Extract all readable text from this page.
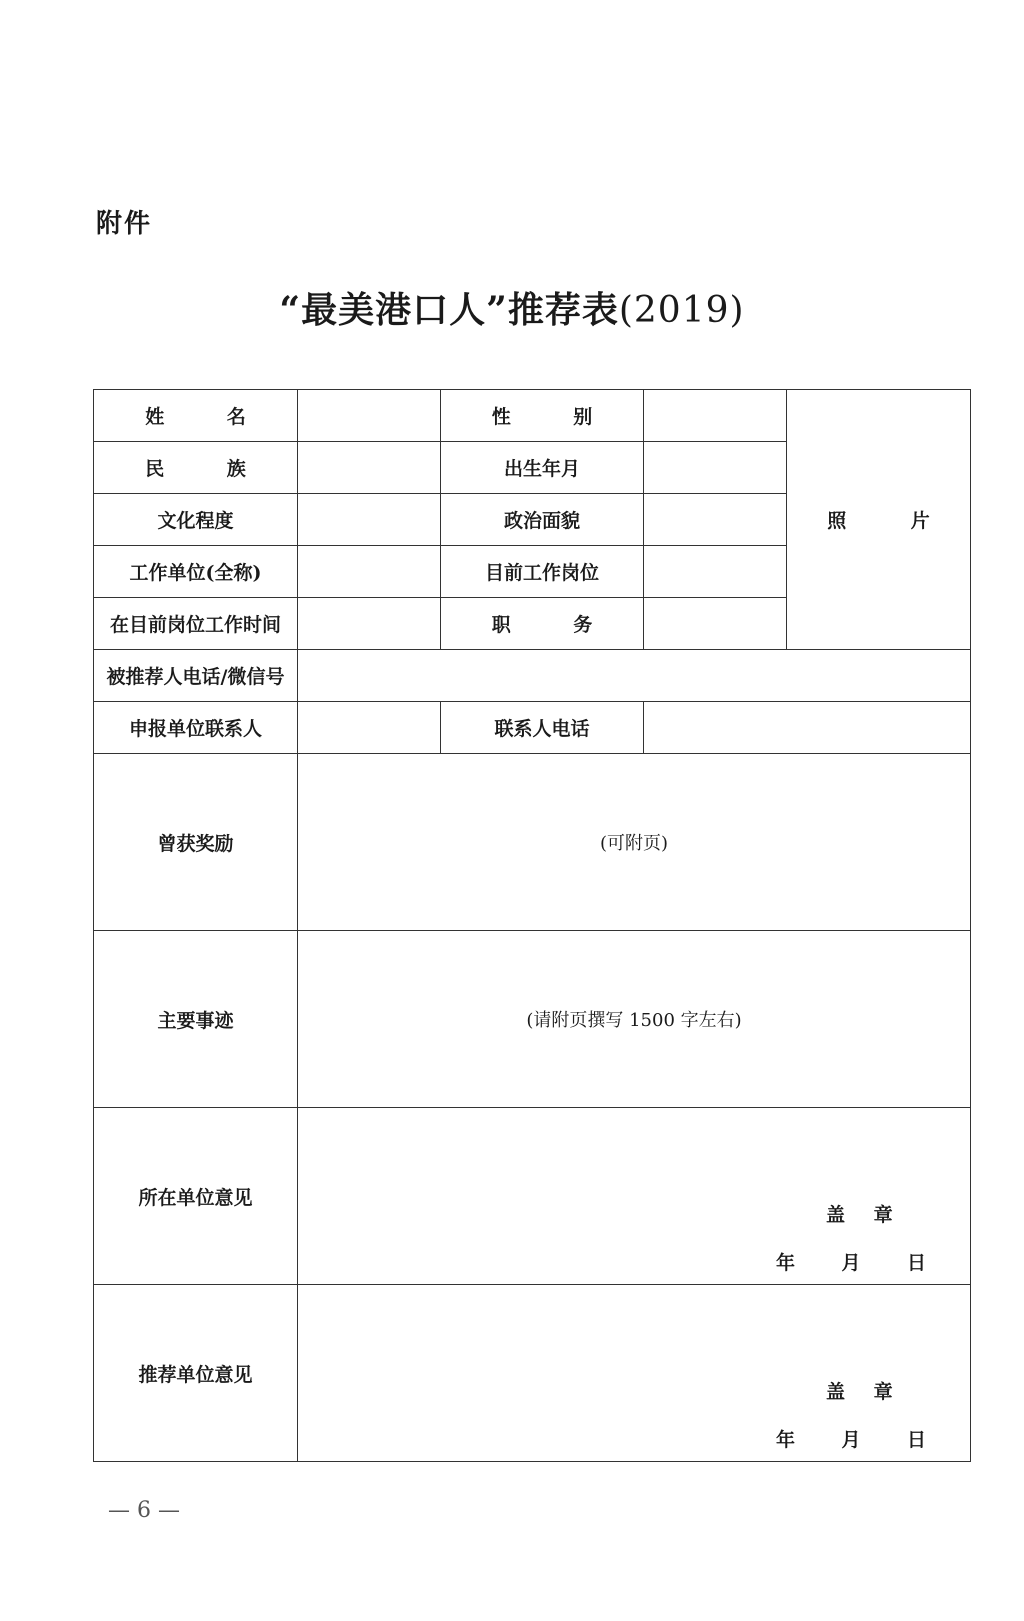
附件
“最美港口人”推荐表(2019)
姓 名		性 别		照 片
民 族		出生年月		
文化程度		政治面貌		
工作单位(全称)		目前工作岗位		
在目前岗位工作时间		职 务		
被推荐人电话/微信号				
申报单位联系人		联系人电话		
曾获奖励	(可附页)			
主要事迹	(请附页撰写 1500 字左右)			
所在单位意见	盖 章
年 月 日			

推荐单位意见	盖 章
年 月 日			
— 6 —
